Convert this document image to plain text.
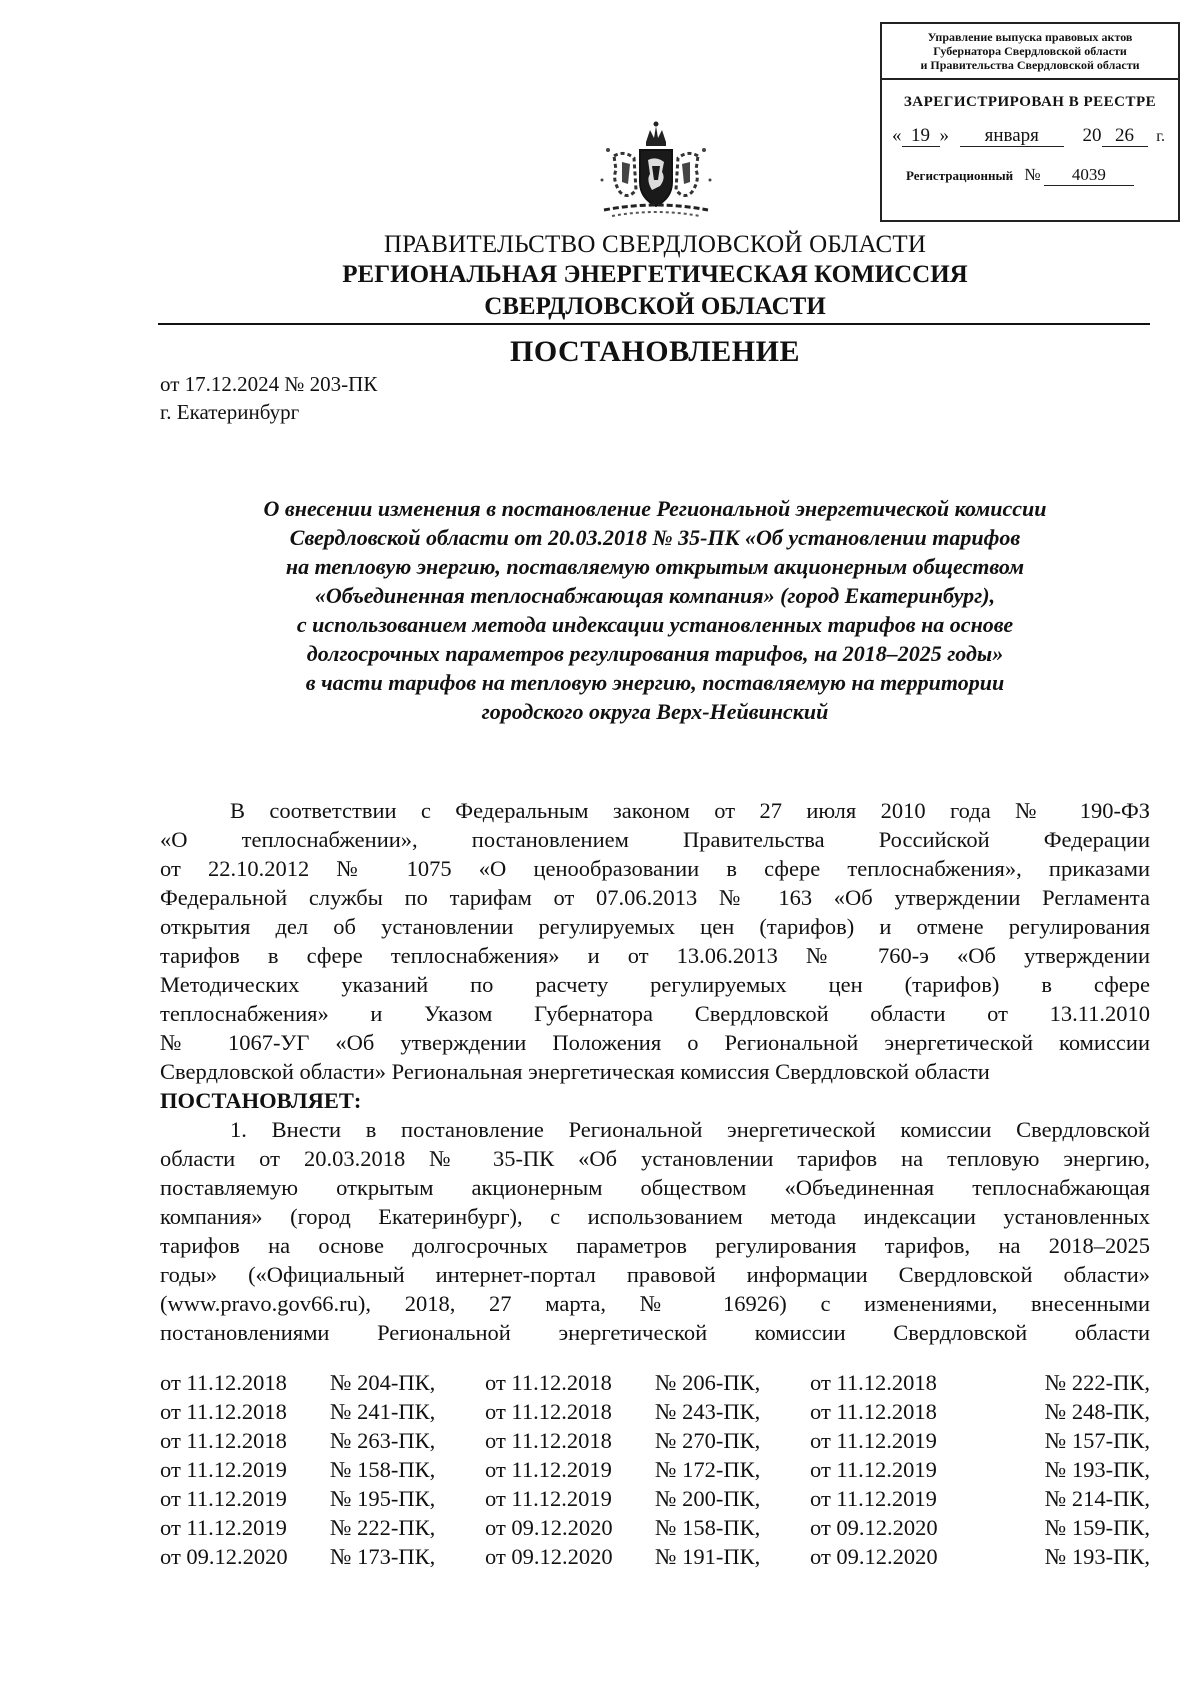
Управление выпуска правовых актов
Губернатора Свердловской области
и Правительства Свердловской области
ЗАРЕГИСТРИРОВАН В РЕЕСТРЕ
« 19 » января 20 26 г.
Регистрационный № 4039
ПРАВИТЕЛЬСТВО СВЕРДЛОВСКОЙ ОБЛАСТИ
РЕГИОНАЛЬНАЯ ЭНЕРГЕТИЧЕСКАЯ КОМИССИЯ
СВЕРДЛОВСКОЙ ОБЛАСТИ
ПОСТАНОВЛЕНИЕ
от 17.12.2024 № 203-ПК
г. Екатеринбург
О внесении изменения в постановление Региональной энергетической комиссии
Свердловской области от 20.03.2018 № 35-ПК «Об установлении тарифов
на тепловую энергию, поставляемую открытым акционерным обществом
«Объединенная теплоснабжающая компания» (город Екатеринбург),
с использованием метода индексации установленных тарифов на основе
долгосрочных параметров регулирования тарифов, на 2018–2025 годы»
в части тарифов на тепловую энергию, поставляемую на территории
городского округа Верх-Нейвинский
В соответствии с Федеральным законом от 27 июля 2010 года № 190-ФЗ
«О теплоснабжении», постановлением Правительства Российской Федерации
от 22.10.2012 № 1075 «О ценообразовании в сфере теплоснабжения», приказами
Федеральной службы по тарифам от 07.06.2013 № 163 «Об утверждении Регламента
открытия дел об установлении регулируемых цен (тарифов) и отмене регулирования
тарифов в сфере теплоснабжения» и от 13.06.2013 № 760-э «Об утверждении
Методических указаний по расчету регулируемых цен (тарифов) в сфере
теплоснабжения» и Указом Губернатора Свердловской области от 13.11.2010
№ 1067-УГ «Об утверждении Положения о Региональной энергетической комиссии
Свердловской области» Региональная энергетическая комиссия Свердловской области
ПОСТАНОВЛЯЕТ:
1. Внести в постановление Региональной энергетической комиссии Свердловской
области от 20.03.2018 № 35-ПК «Об установлении тарифов на тепловую энергию,
поставляемую открытым акционерным обществом «Объединенная теплоснабжающая
компания» (город Екатеринбург), с использованием метода индексации установленных
тарифов на основе долгосрочных параметров регулирования тарифов, на 2018–2025
годы» («Официальный интернет-портал правовой информации Свердловской области»
(www.pravo.gov66.ru), 2018, 27 марта, № 16926) с изменениями, внесенными
постановлениями Региональной энергетической комиссии Свердловской области
от 11.12.2018	№ 204-ПК,	от 11.12.2018	№ 206-ПК,	от 11.12.2018	№ 222-ПК,
от 11.12.2018	№ 241-ПК,	от 11.12.2018	№ 243-ПК,	от 11.12.2018	№ 248-ПК,
от 11.12.2018	№ 263-ПК,	от 11.12.2018	№ 270-ПК,	от 11.12.2019	№ 157-ПК,
от 11.12.2019	№ 158-ПК,	от 11.12.2019	№ 172-ПК,	от 11.12.2019	№ 193-ПК,
от 11.12.2019	№ 195-ПК,	от 11.12.2019	№ 200-ПК,	от 11.12.2019	№ 214-ПК,
от 11.12.2019	№ 222-ПК,	от 09.12.2020	№ 158-ПК,	от 09.12.2020	№ 159-ПК,
от 09.12.2020	№ 173-ПК,	от 09.12.2020	№ 191-ПК,	от 09.12.2020	№ 193-ПК,
